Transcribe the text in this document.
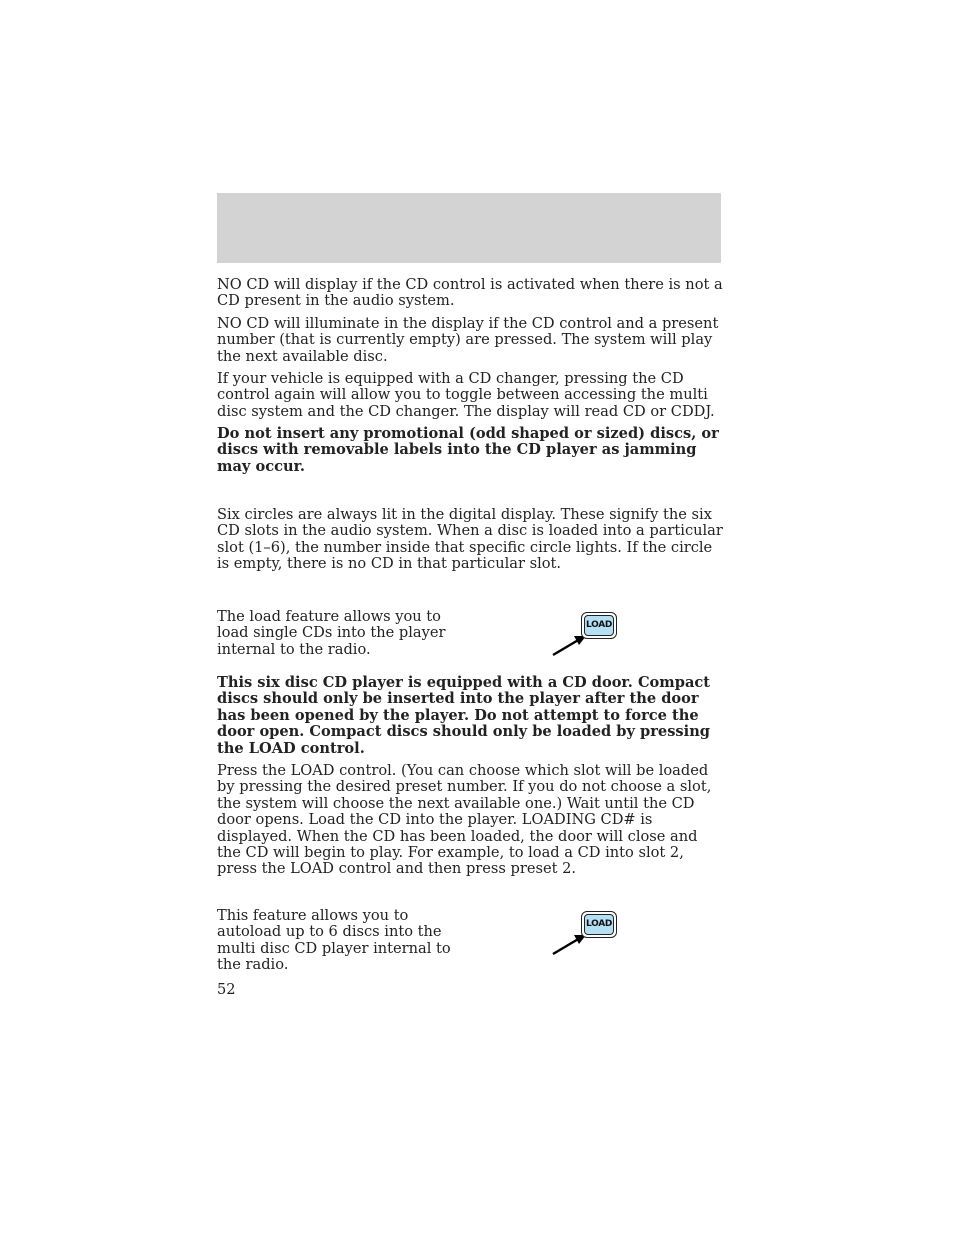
NO CD will display if the CD control is activated when there is not a CD present in the audio system.

NO CD will illuminate in the display if the CD control and a present number (that is currently empty) are pressed. The system will play the next available disc.

If your vehicle is equipped with a CD changer, pressing the CD control again will allow you to toggle between accessing the multi disc system and the CD changer. The display will read CD or CDDJ.

Do not insert any promotional (odd shaped or sized) discs, or discs with removable labels into the CD player as jamming may occur.

Six circles are always lit in the digital display. These signify the six CD slots in the audio system. When a disc is loaded into a particular slot (1–6), the number inside that specific circle lights. If the circle is empty, there is no CD in that particular slot.

The load feature allows you to load single CDs into the player internal to the radio.

LOAD

This six disc CD player is equipped with a CD door. Compact discs should only be inserted into the player after the door has been opened by the player. Do not attempt to force the door open. Compact discs should only be loaded by pressing the LOAD control.

Press the LOAD control. (You can choose which slot will be loaded by pressing the desired preset number. If you do not choose a slot, the system will choose the next available one.) Wait until the CD door opens. Load the CD into the player. LOADING CD# is displayed. When the CD has been loaded, the door will close and the CD will begin to play. For example, to load a CD into slot 2, press the LOAD control and then press preset 2.

This feature allows you to autoload up to 6 discs into the multi disc CD player internal to the radio.

LOAD
52
